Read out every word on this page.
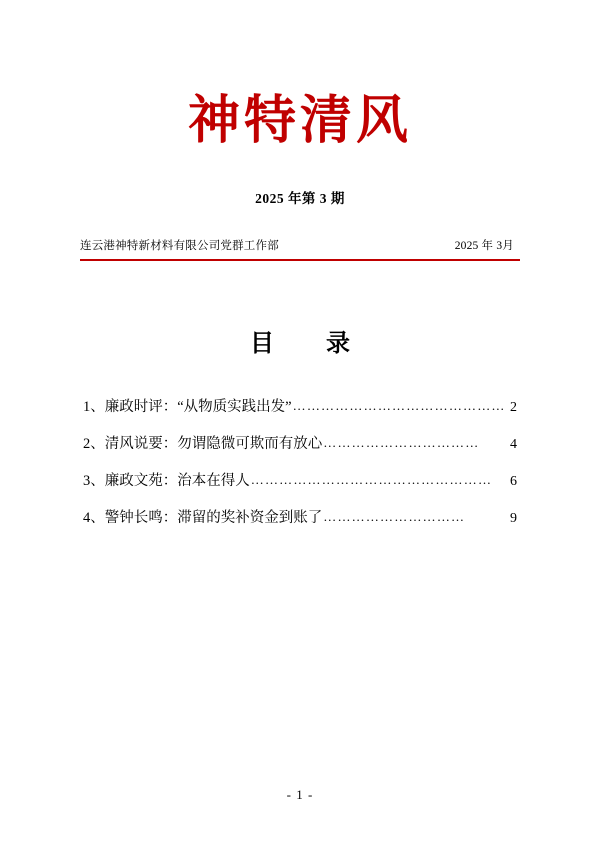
神特清风
2025 年第 3 期
连云港神特新材料有限公司党群工作部	2025 年 3月
目　录
1、廉政时评：“从物质实践出发” ……………………………………… 2
2、清风说要：勿谓隐微可欺而有放心 ……………………………	4
3、廉政文苑：治本在得人 ……………………………………………	6
4、警钟长鸣：滞留的奖补资金到账了 …………………………	9
- 1 -
